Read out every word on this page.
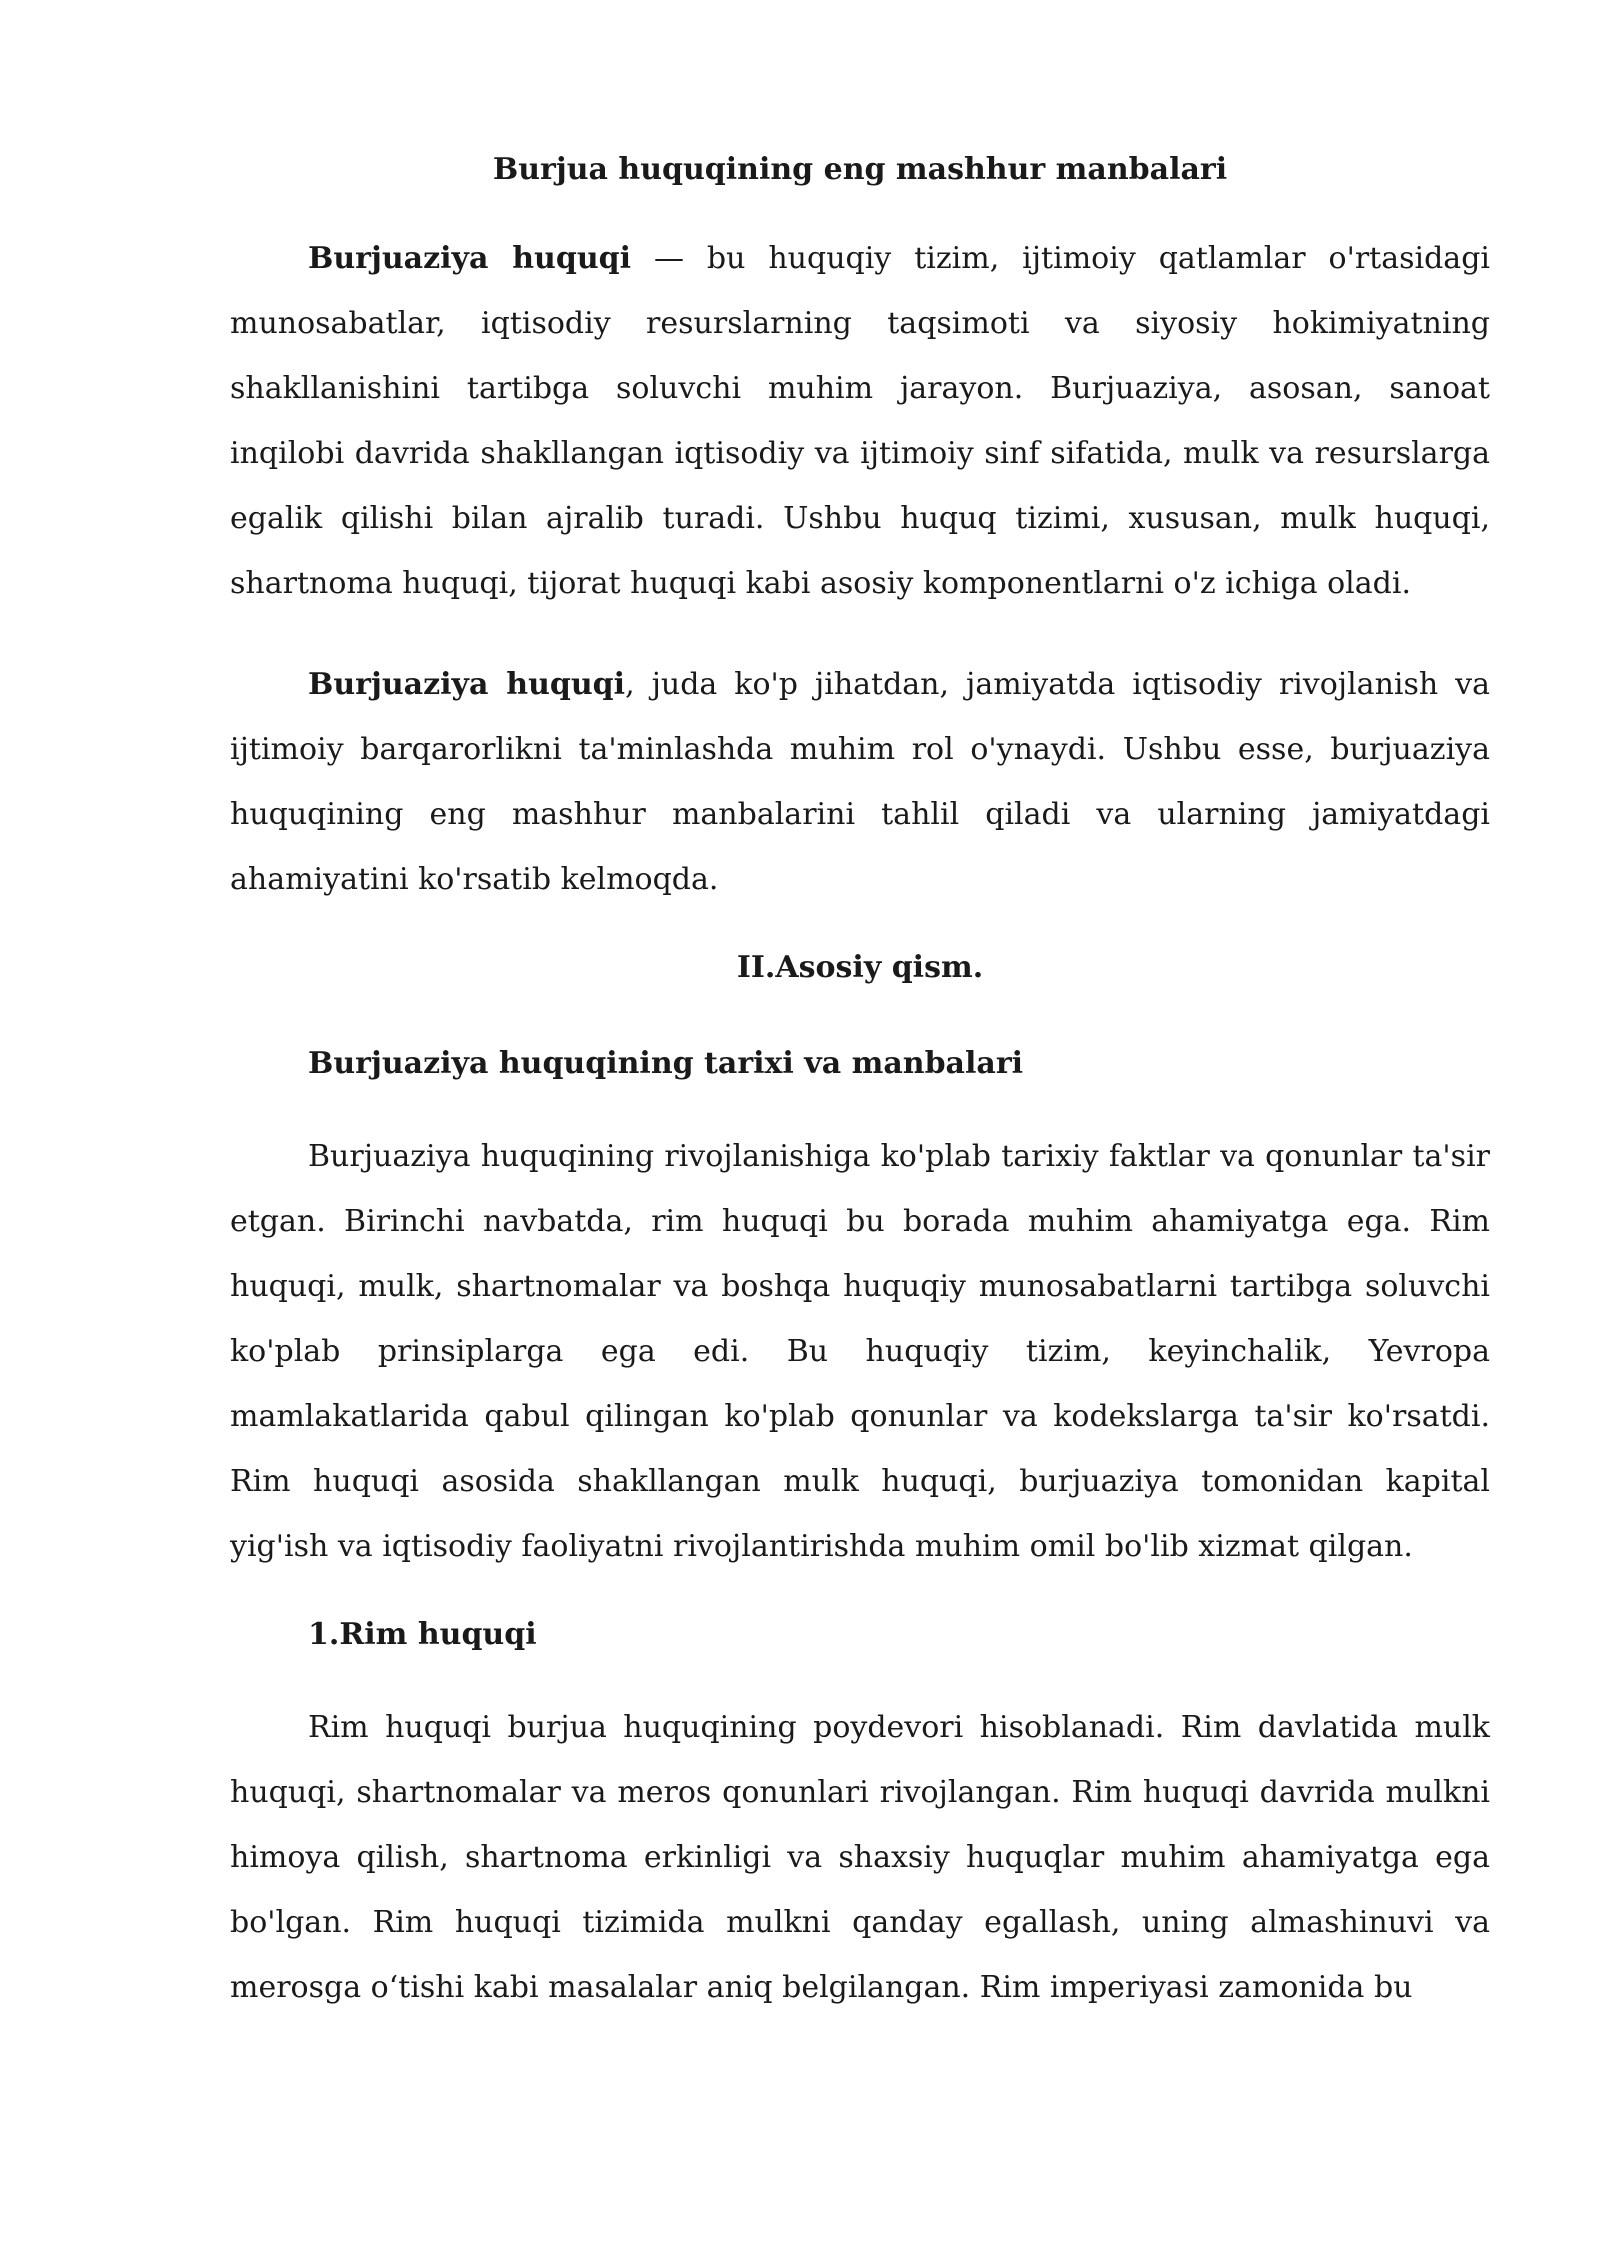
Burjua huquqining eng mashhur manbalari

Burjuaziya huquqi — bu huquqiy tizim, ijtimoiy qatlamlar o'rtasidagi munosabatlar, iqtisodiy resurslarning taqsimoti va siyosiy hokimiyatning shakllanishini tartibga soluvchi muhim jarayon. Burjuaziya, asosan, sanoat inqilobi davrida shakllangan iqtisodiy va ijtimoiy sinf sifatida, mulk va resurslarga egalik qilishi bilan ajralib turadi. Ushbu huquq tizimi, xususan, mulk huquqi, shartnoma huquqi, tijorat huquqi kabi asosiy komponentlarni o'z ichiga oladi.

Burjuaziya huquqi, juda ko'p jihatdan, jamiyatda iqtisodiy rivojlanish va ijtimoiy barqarorlikni ta'minlashda muhim rol o'ynaydi. Ushbu esse, burjuaziya huquqining eng mashhur manbalarini tahlil qiladi va ularning jamiyatdagi ahamiyatini ko'rsatib kelmoqda.

II.Asosiy qism.
Burjuaziya huquqining tarixi va manbalari

Burjuaziya huquqining rivojlanishiga ko'plab tarixiy faktlar va qonunlar ta'sir etgan. Birinchi navbatda, rim huquqi bu borada muhim ahamiyatga ega. Rim huquqi, mulk, shartnomalar va boshqa huquqiy munosabatlarni tartibga soluvchi ko'plab prinsiplarga ega edi. Bu huquqiy tizim, keyinchalik, Yevropa mamlakatlarida qabul qilingan ko'plab qonunlar va kodekslarga ta'sir ko'rsatdi. Rim huquqi asosida shakllangan mulk huquqi, burjuaziya tomonidan kapital yig'ish va iqtisodiy faoliyatni rivojlantirishda muhim omil bo'lib xizmat qilgan.

1.Rim huquqi

Rim huquqi burjua huquqining poydevori hisoblanadi. Rim davlatida mulk huquqi, shartnomalar va meros qonunlari rivojlangan. Rim huquqi davrida mulkni himoya qilish, shartnoma erkinligi va shaxsiy huquqlar muhim ahamiyatga ega bo'lgan. Rim huquqi tizimida mulkni qanday egallash, uning almashinuvi va merosga o‘tishi kabi masalalar aniq belgilangan. Rim imperiyasi zamonida bu
